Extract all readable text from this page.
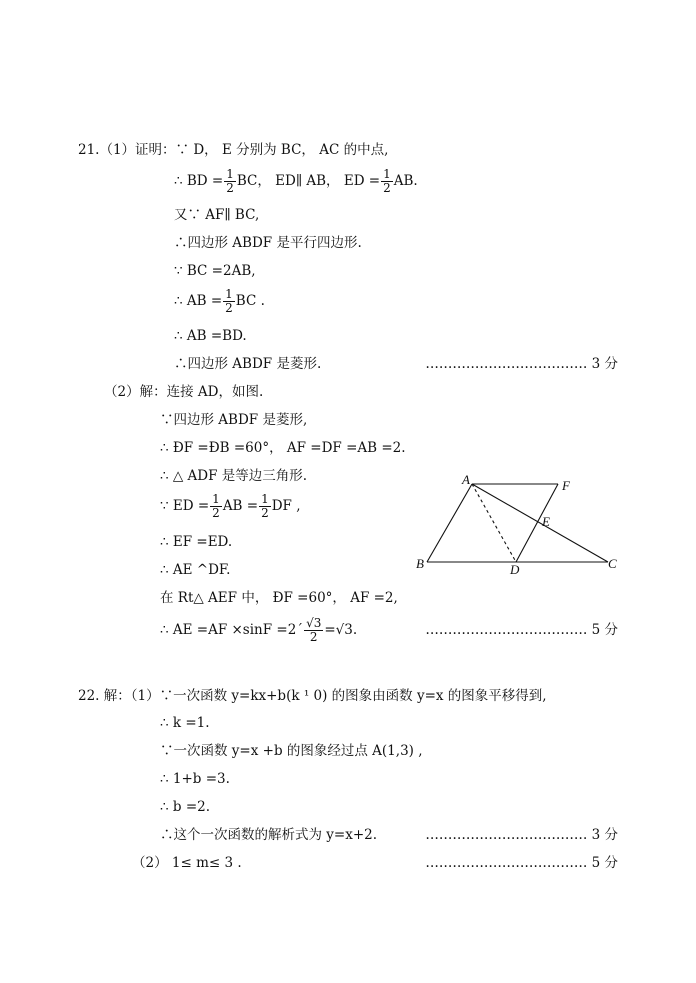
21.（1）证明：∵ D， E 分别为 BC， AC 的中点,
∴ BD = $\frac{1}{2}$ BC， ED∥ AB， ED = $\frac{1}{2}$ AB.
又∵ AF∥ BC,
∴四边形 ABDF 是平行四边形.
∵ BC =2AB,
∴ AB = $\frac{1}{2}$ BC .
∴ AB =BD.
∴四边形 ABDF 是菱形.	……………………………… 3 分
（2）解：连接 AD，如图.
∵四边形 ABDF 是菱形,
∴ ÐF =ÐB =60°， AF =DF =AB =2.
∴ △ ADF 是等边三角形.
∵ ED = $\frac{1}{2}$ AB = $\frac{1}{2}$ DF ,
∴ EF =ED.
∴ AE ^DF.
在 Rt△ AEF 中， ÐF =60°， AF =2,
∴ AE =AF ×sinF =2´ $\frac{√3}{2} =√3$.	……………………………… 5 分
A	F
E
B	D	C
22. 解：（1）∵一次函数 y=kx+b(k ¹ 0) 的图象由函数 y=x 的图象平移得到,
∴ k =1.
∵一次函数 y=x +b 的图象经过点 A(1,3) ,
∴ 1+b =3.
∴ b =2.
∴这个一次函数的解析式为 y=x+2.	……………………………… 3 分
（2） 1≤ m≤ 3 .	……………………………… 5 分
